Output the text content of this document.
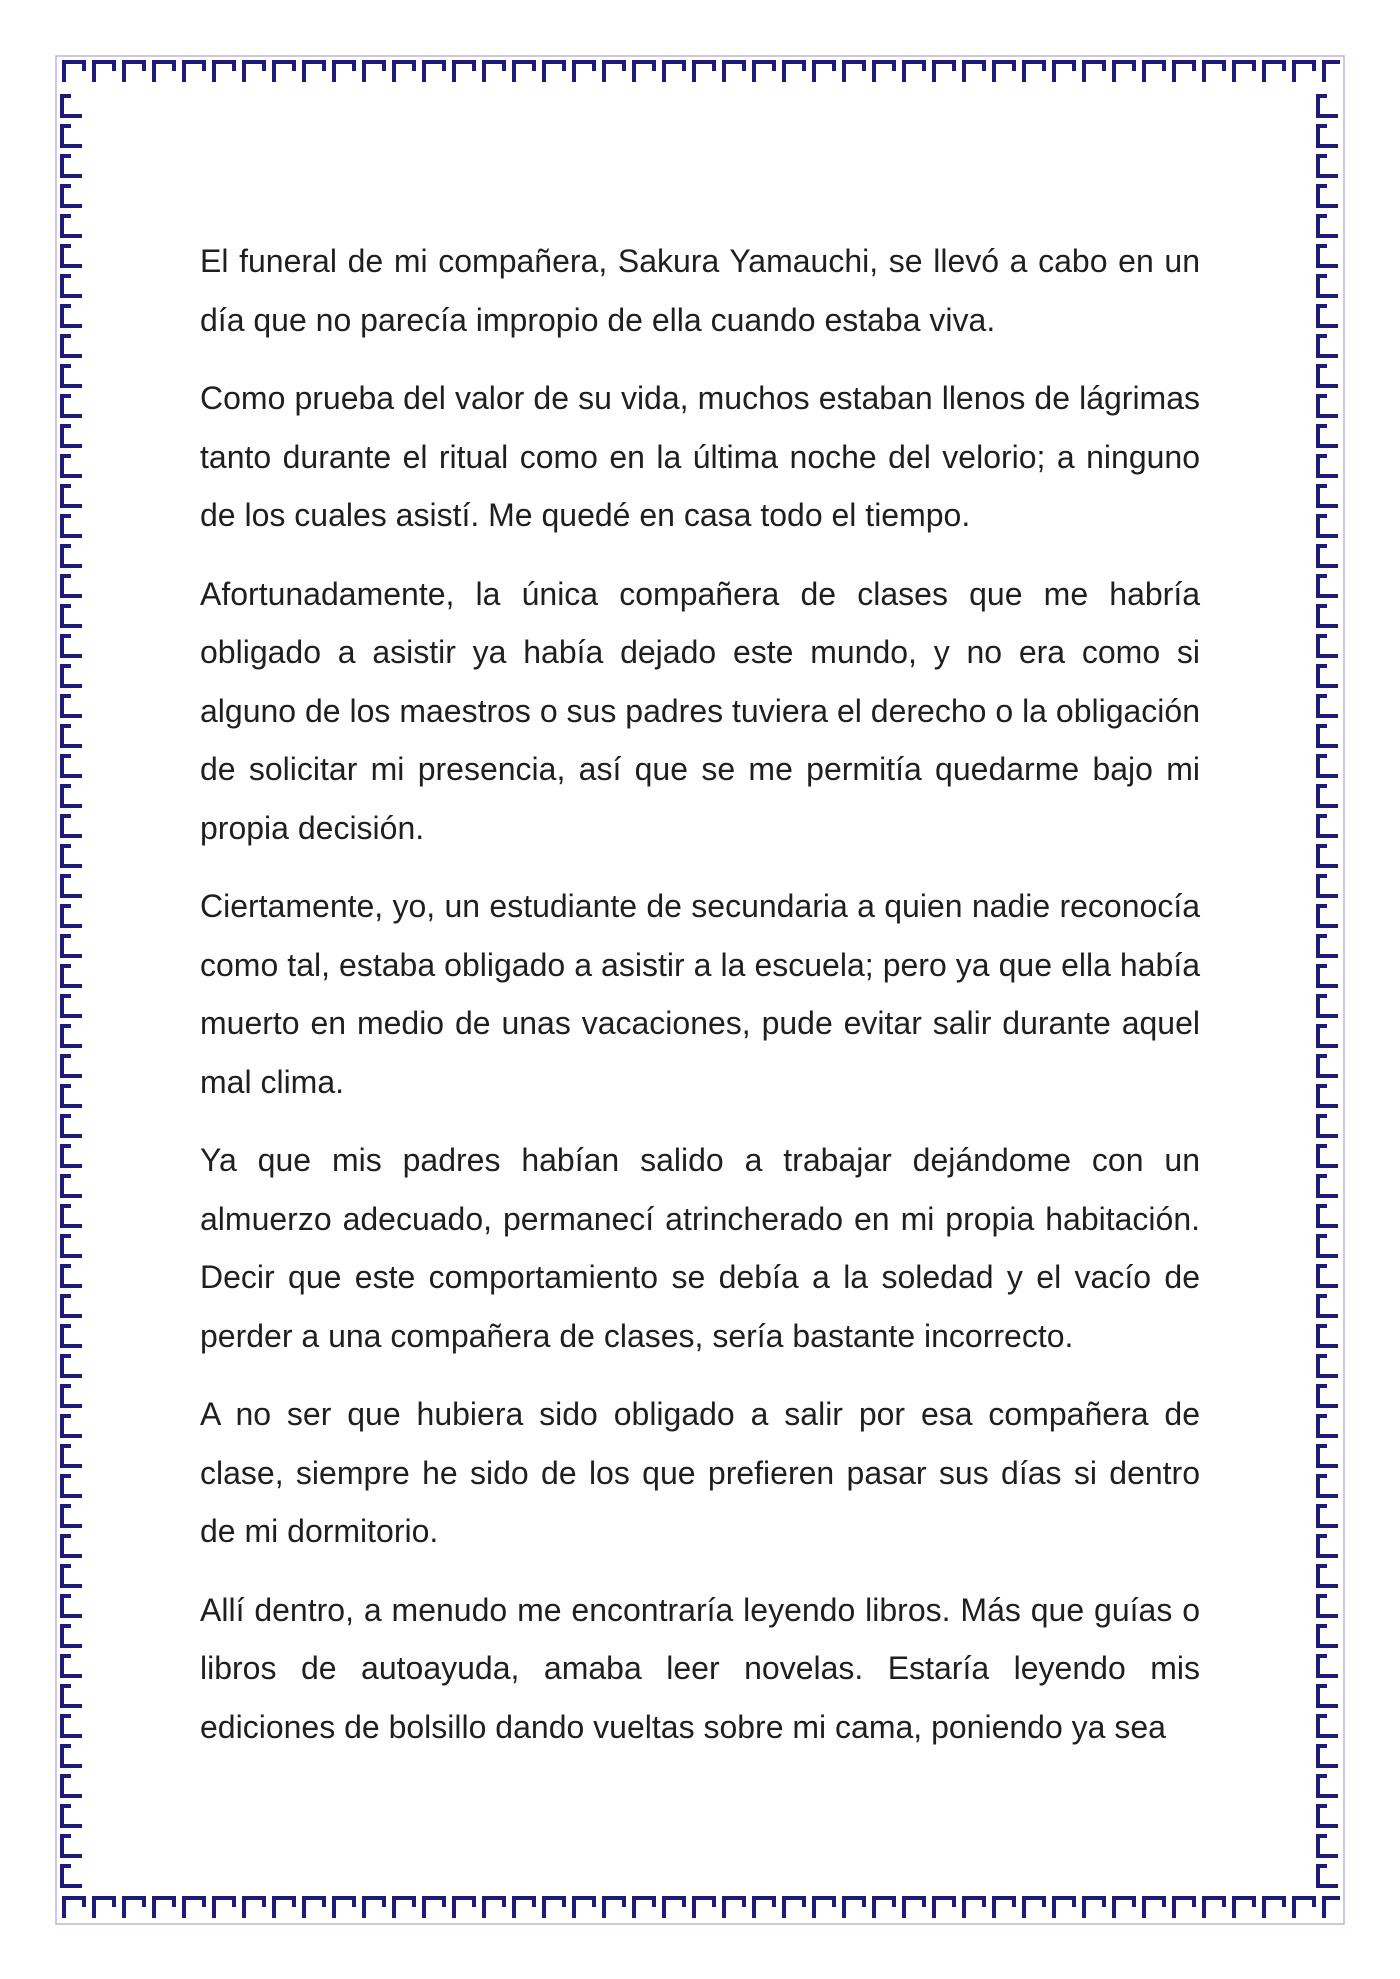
El funeral de mi compañera, Sakura Yamauchi, se llevó a cabo en un día que no parecía impropio de ella cuando estaba viva.

Como prueba del valor de su vida, muchos estaban llenos de lágrimas tanto durante el ritual como en la última noche del velorio; a ninguno de los cuales asistí. Me quedé en casa todo el tiempo.

Afortunadamente, la única compañera de clases que me habría obligado a asistir ya había dejado este mundo, y no era como si alguno de los maestros o sus padres tuviera el derecho o la obligación de solicitar mi presencia, así que se me permitía quedarme bajo mi propia decisión.

Ciertamente, yo, un estudiante de secundaria a quien nadie reconocía como tal, estaba obligado a asistir a la escuela; pero ya que ella había muerto en medio de unas vacaciones, pude evitar salir durante aquel mal clima.

Ya que mis padres habían salido a trabajar dejándome con un almuerzo adecuado, permanecí atrincherado en mi propia habitación. Decir que este comportamiento se debía a la soledad y el vacío de perder a una compañera de clases, sería bastante incorrecto.

A no ser que hubiera sido obligado a salir por esa compañera de clase, siempre he sido de los que prefieren pasar sus días si dentro de mi dormitorio.

Allí dentro, a menudo me encontraría leyendo libros. Más que guías o libros de autoayuda, amaba leer novelas. Estaría leyendo mis ediciones de bolsillo dando vueltas sobre mi cama, poniendo ya sea
